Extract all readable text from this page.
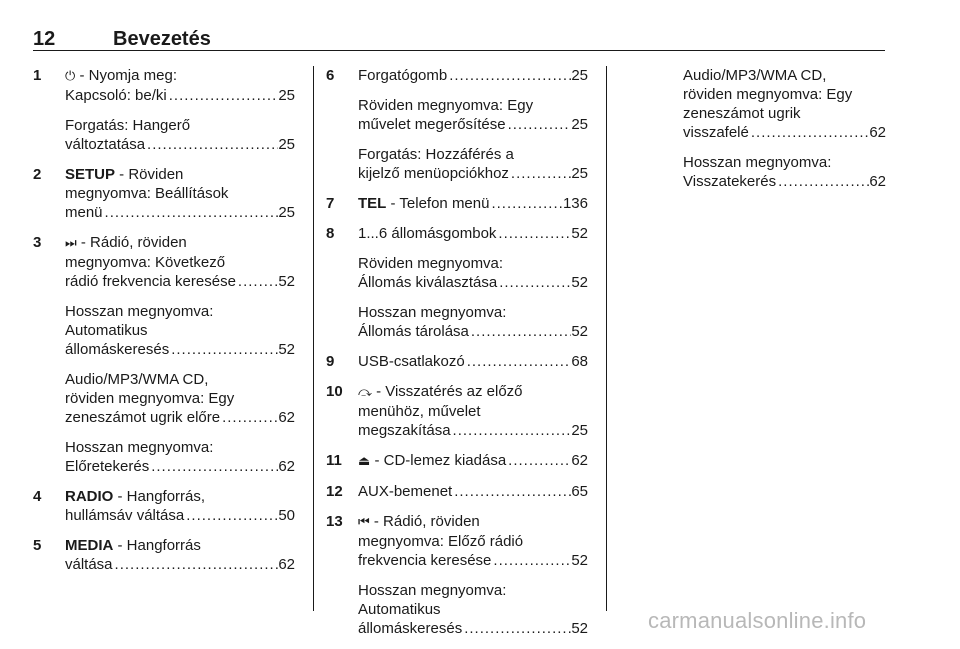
12	Bevezetés
1 ⏻ - Nyomja meg:
Kapcsoló: be/ki .....	25
Forgatás: Hangerő
változtatása .....	25
2 SETUP - Röviden
megnyomva: Beállítások
menü .....	25
3 ⏭ - Rádió, röviden
megnyomva: Következő
rádió frekvencia keresése .....	52
Hosszan megnyomva:
Automatikus
állomáskeresés .....	52
Audio/MP3/WMA CD,
röviden megnyomva: Egy
zeneszámot ugrik előre .....	62
Hosszan megnyomva:
Előretekerés .....	62
4 RADIO - Hangforrás,
hullámsáv váltása .....	50
5 MEDIA - Hangforrás
váltása .....	62
6 Forgatógomb .....	25
Röviden megnyomva: Egy
művelet megerősítése .....	25
Forgatás: Hozzáférés a
kijelző menüopciókhoz .....	25
7 TEL - Telefon menü .....	136
8 1...6 állomásgombok .....	52
Röviden megnyomva:
Állomás kiválasztása .....	52
Hosszan megnyomva:
Állomás tárolása .....	52
9 USB-csatlakozó .....	68
10 ⤼ - Visszatérés az előző
menühöz, művelet
megszakítása .....	25
11 ⏏ - CD-lemez kiadása .....	62
12 AUX-bemenet .....	65
13 ⏮ - Rádió, röviden
megnyomva: Előző rádió
frekvencia keresése .....	52
Hosszan megnyomva:
Automatikus
állomáskeresés .....	52
Audio/MP3/WMA CD,
röviden megnyomva: Egy
zeneszámot ugrik
visszafelé .....	62
Hosszan megnyomva:
Visszatekerés .....	62
carmanualsonline.info
